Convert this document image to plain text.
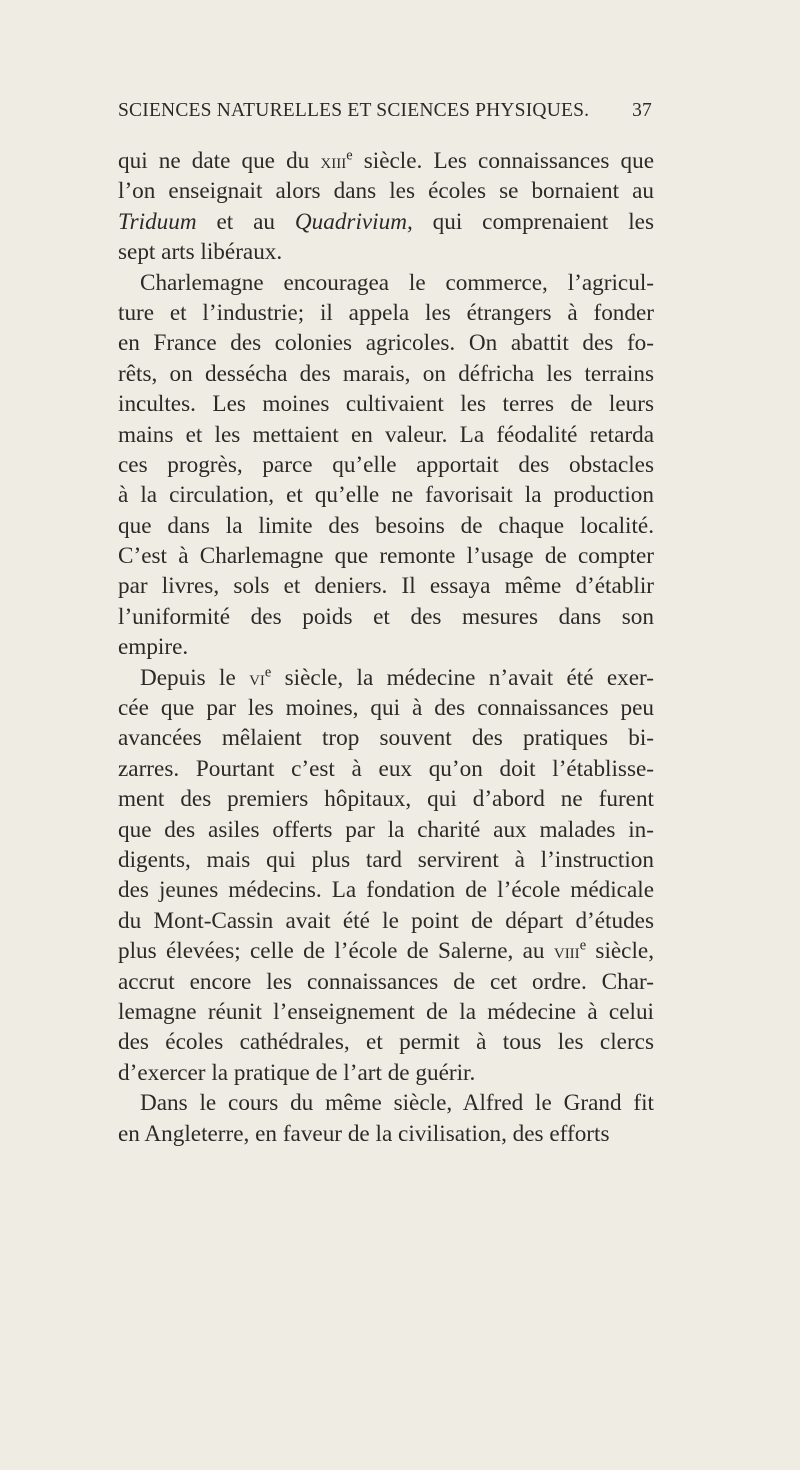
SCIENCES NATURELLES ET SCIENCES PHYSIQUES. 37
qui ne date que du xiii$^e$ siècle. Les connaissances que
l’on enseignait alors dans les écoles se bornaient au
Triduum et au Quadrivium, qui comprenaient les
sept arts libéraux.
Charlemagne encouragea le commerce, l’agricul-
ture et l’industrie; il appela les étrangers à fonder
en France des colonies agricoles. On abattit des fo-
rêts, on dessécha des marais, on défricha les terrains
incultes. Les moines cultivaient les terres de leurs
mains et les mettaient en valeur. La féodalité retarda
ces progrès, parce qu’elle apportait des obstacles
à la circulation, et qu’elle ne favorisait la production
que dans la limite des besoins de chaque localité.
C’est à Charlemagne que remonte l’usage de compter
par livres, sols et deniers. Il essaya même d’établir
l’uniformité des poids et des mesures dans son
empire.
Depuis le $vi^e$ siècle, la médecine n’avait été exer-
cée que par les moines, qui à des connaissances peu
avancées mêlaient trop souvent des pratiques bi-
zarres. Pourtant c’est à eux qu’on doit l’établisse-
ment des premiers hôpitaux, qui d’abord ne furent
que des asiles offerts par la charité aux malades in-
digents, mais qui plus tard servirent à l’instruction
des jeunes médecins. La fondation de l’école médicale
du Mont-Cassin avait été le point de départ d’études
plus élevées; celle de l’école de Salerne, au viii$^e$ siècle,
accrut encore les connaissances de cet ordre. Char-
lemagne réunit l’enseignement de la médecine à celui
des écoles cathédrales, et permit à tous les clercs
d’exercer la pratique de l’art de guérir.
Dans le cours du même siècle, Alfred le Grand fit
en Angleterre, en faveur de la civilisation, des efforts
